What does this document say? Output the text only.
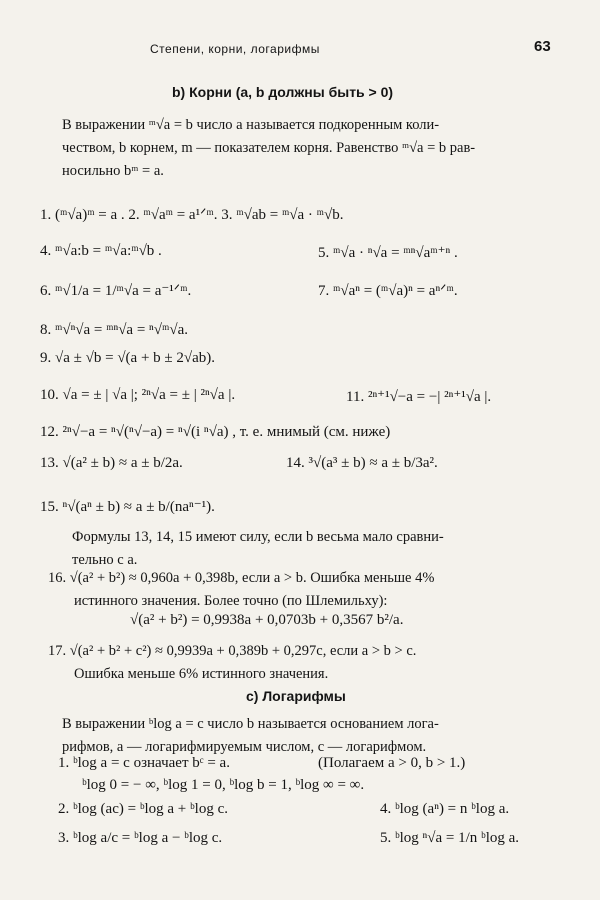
Степени, корни, логарифмы	63
b) Корни (a, b должны быть > 0)
В выражении ᵐ√a = b число a называется подкоренным коли-
чеством, b корнем, m — показателем корня. Равенство ᵐ√a = b рав-
носильно bᵐ = a.
1. (ᵐ√a)ᵐ = a . 2. ᵐ√aᵐ = a¹ᐟᵐ. 3. ᵐ√ab = ᵐ√a · ᵐ√b.
4. ᵐ√a:b = ᵐ√a:ᵐ√b .	5. ᵐ√a · ⁿ√a = ᵐⁿ√aᵐ⁺ⁿ .
6. ᵐ√1/a = 1/ᵐ√a = a⁻¹ᐟᵐ.	7. ᵐ√aⁿ = (ᵐ√a)ⁿ = aⁿᐟᵐ.
8. ᵐ√ⁿ√a = ᵐⁿ√a = ⁿ√ᵐ√a.
9. √a ± √b = √(a + b ± 2√ab).
10. √a = ± | √a |; ²ⁿ√a = ± | ²ⁿ√a |.	11. ²ⁿ⁺¹√−a = −| ²ⁿ⁺¹√a |.
12. ²ⁿ√−a = ⁿ√(ⁿ√−a) = ⁿ√(i ⁿ√a) , т. е. мнимый (см. ниже)
13. √(a² ± b) ≈ a ± b/2a.	14. ³√(a³ ± b) ≈ a ± b/3a².
15. ⁿ√(aⁿ ± b) ≈ a ± b/(naⁿ⁻¹).
Формулы 13, 14, 15 имеют силу, если b весьма мало сравни-
тельно с a.
16. √(a² + b²) ≈ 0,960a + 0,398b, если a > b. Ошибка меньше 4%
истинного значения. Более точно (по Шлемильху):
√(a² + b²) = 0,9938a + 0,0703b + 0,3567 b²/a.
17. √(a² + b² + c²) ≈ 0,9939a + 0,389b + 0,297c, если a > b > c.
Ошибка меньше 6% истинного значения.
c) Логарифмы
В выражении ᵇlog a = c число b называется основанием лога-
рифмов, a — логарифмируемым числом, c — логарифмом.
1. ᵇlog a = c означает bᶜ = a.	(Полагаем a > 0, b > 1.)
ᵇlog 0 = − ∞, ᵇlog 1 = 0, ᵇlog b = 1, ᵇlog ∞ = ∞.
2. ᵇlog (ac) = ᵇlog a + ᵇlog c.	4. ᵇlog (aⁿ) = n ᵇlog a.
3. ᵇlog a/c = ᵇlog a − ᵇlog c.	5. ᵇlog ⁿ√a = 1/n ᵇlog a.
